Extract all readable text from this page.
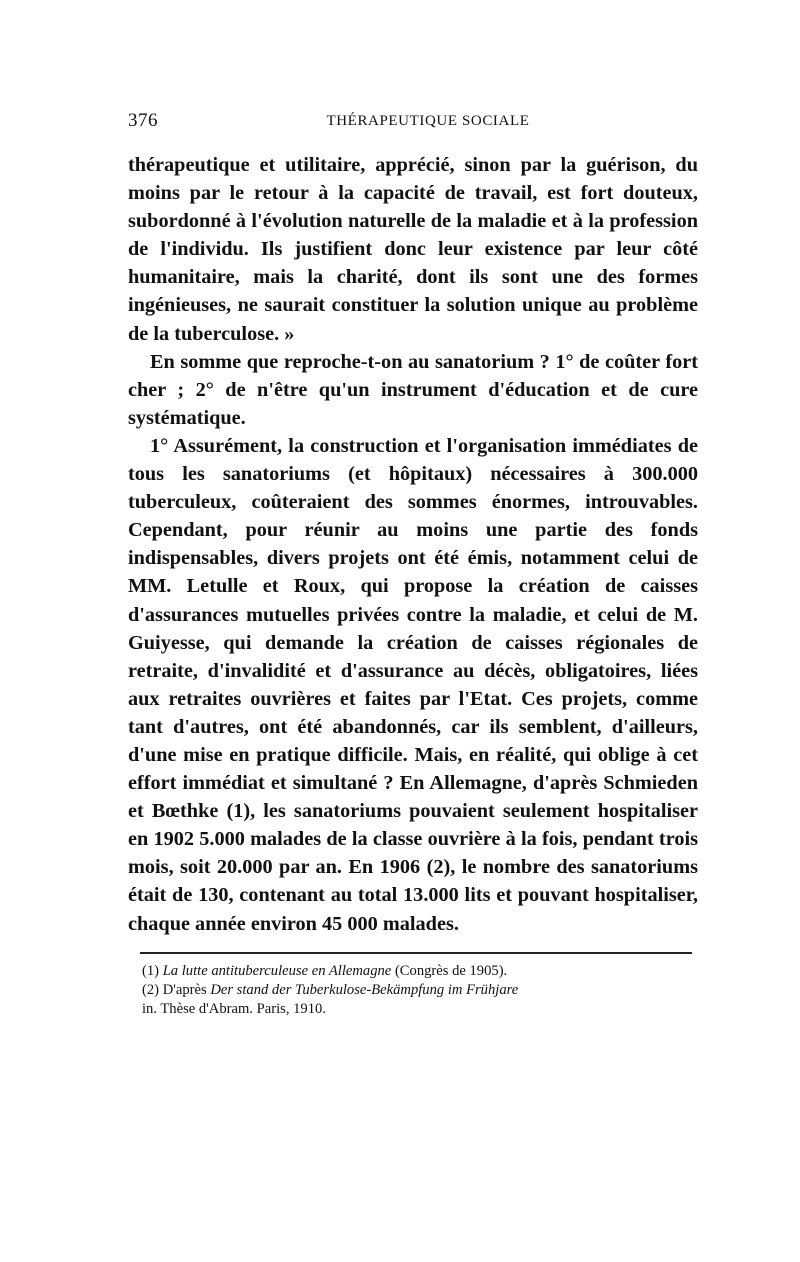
376	THÉRAPEUTIQUE SOCIALE

thérapeutique et utilitaire, apprécié, sinon par la guérison, du moins par le retour à la capacité de travail, est fort douteux, subordonné à l'évolution naturelle de la maladie et à la profession de l'individu. Ils justifient donc leur existence par leur côté humanitaire, mais la charité, dont ils sont une des formes ingénieuses, ne saurait constituer la solution unique au problème de la tuberculose. »

En somme que reproche-t-on au sanatorium ? 1° de coûter fort cher ; 2° de n'être qu'un instrument d'éducation et de cure systématique.

1° Assurément, la construction et l'organisation immédiates de tous les sanatoriums (et hôpitaux) nécessaires à 300.000 tuberculeux, coûteraient des sommes énormes, introuvables. Cependant, pour réunir au moins une partie des fonds indispensables, divers projets ont été émis, notamment celui de MM. Letulle et Roux, qui propose la création de caisses d'assurances mutuelles privées contre la maladie, et celui de M. Guiyesse, qui demande la création de caisses régionales de retraite, d'invalidité et d'assurance au décès, obligatoires, liées aux retraites ouvrières et faites par l'Etat. Ces projets, comme tant d'autres, ont été abandonnés, car ils semblent, d'ailleurs, d'une mise en pratique difficile. Mais, en réalité, qui oblige à cet effort immédiat et simultané ? En Allemagne, d'après Schmieden et Bœthke (1), les sanatoriums pouvaient seulement hospitaliser en 1902 5.000 malades de la classe ouvrière à la fois, pendant trois mois, soit 20.000 par an. En 1906 (2), le nombre des sanatoriums était de 130, contenant au total 13.000 lits et pouvant hospitaliser, chaque année environ 45 000 malades.

(1) La lutte antituberculeuse en Allemagne (Congrès de 1905).

(2) D'après Der stand der Tuberkulose-Bekämpfung im Frühjare

in. Thèse d'Abram. Paris, 1910.
